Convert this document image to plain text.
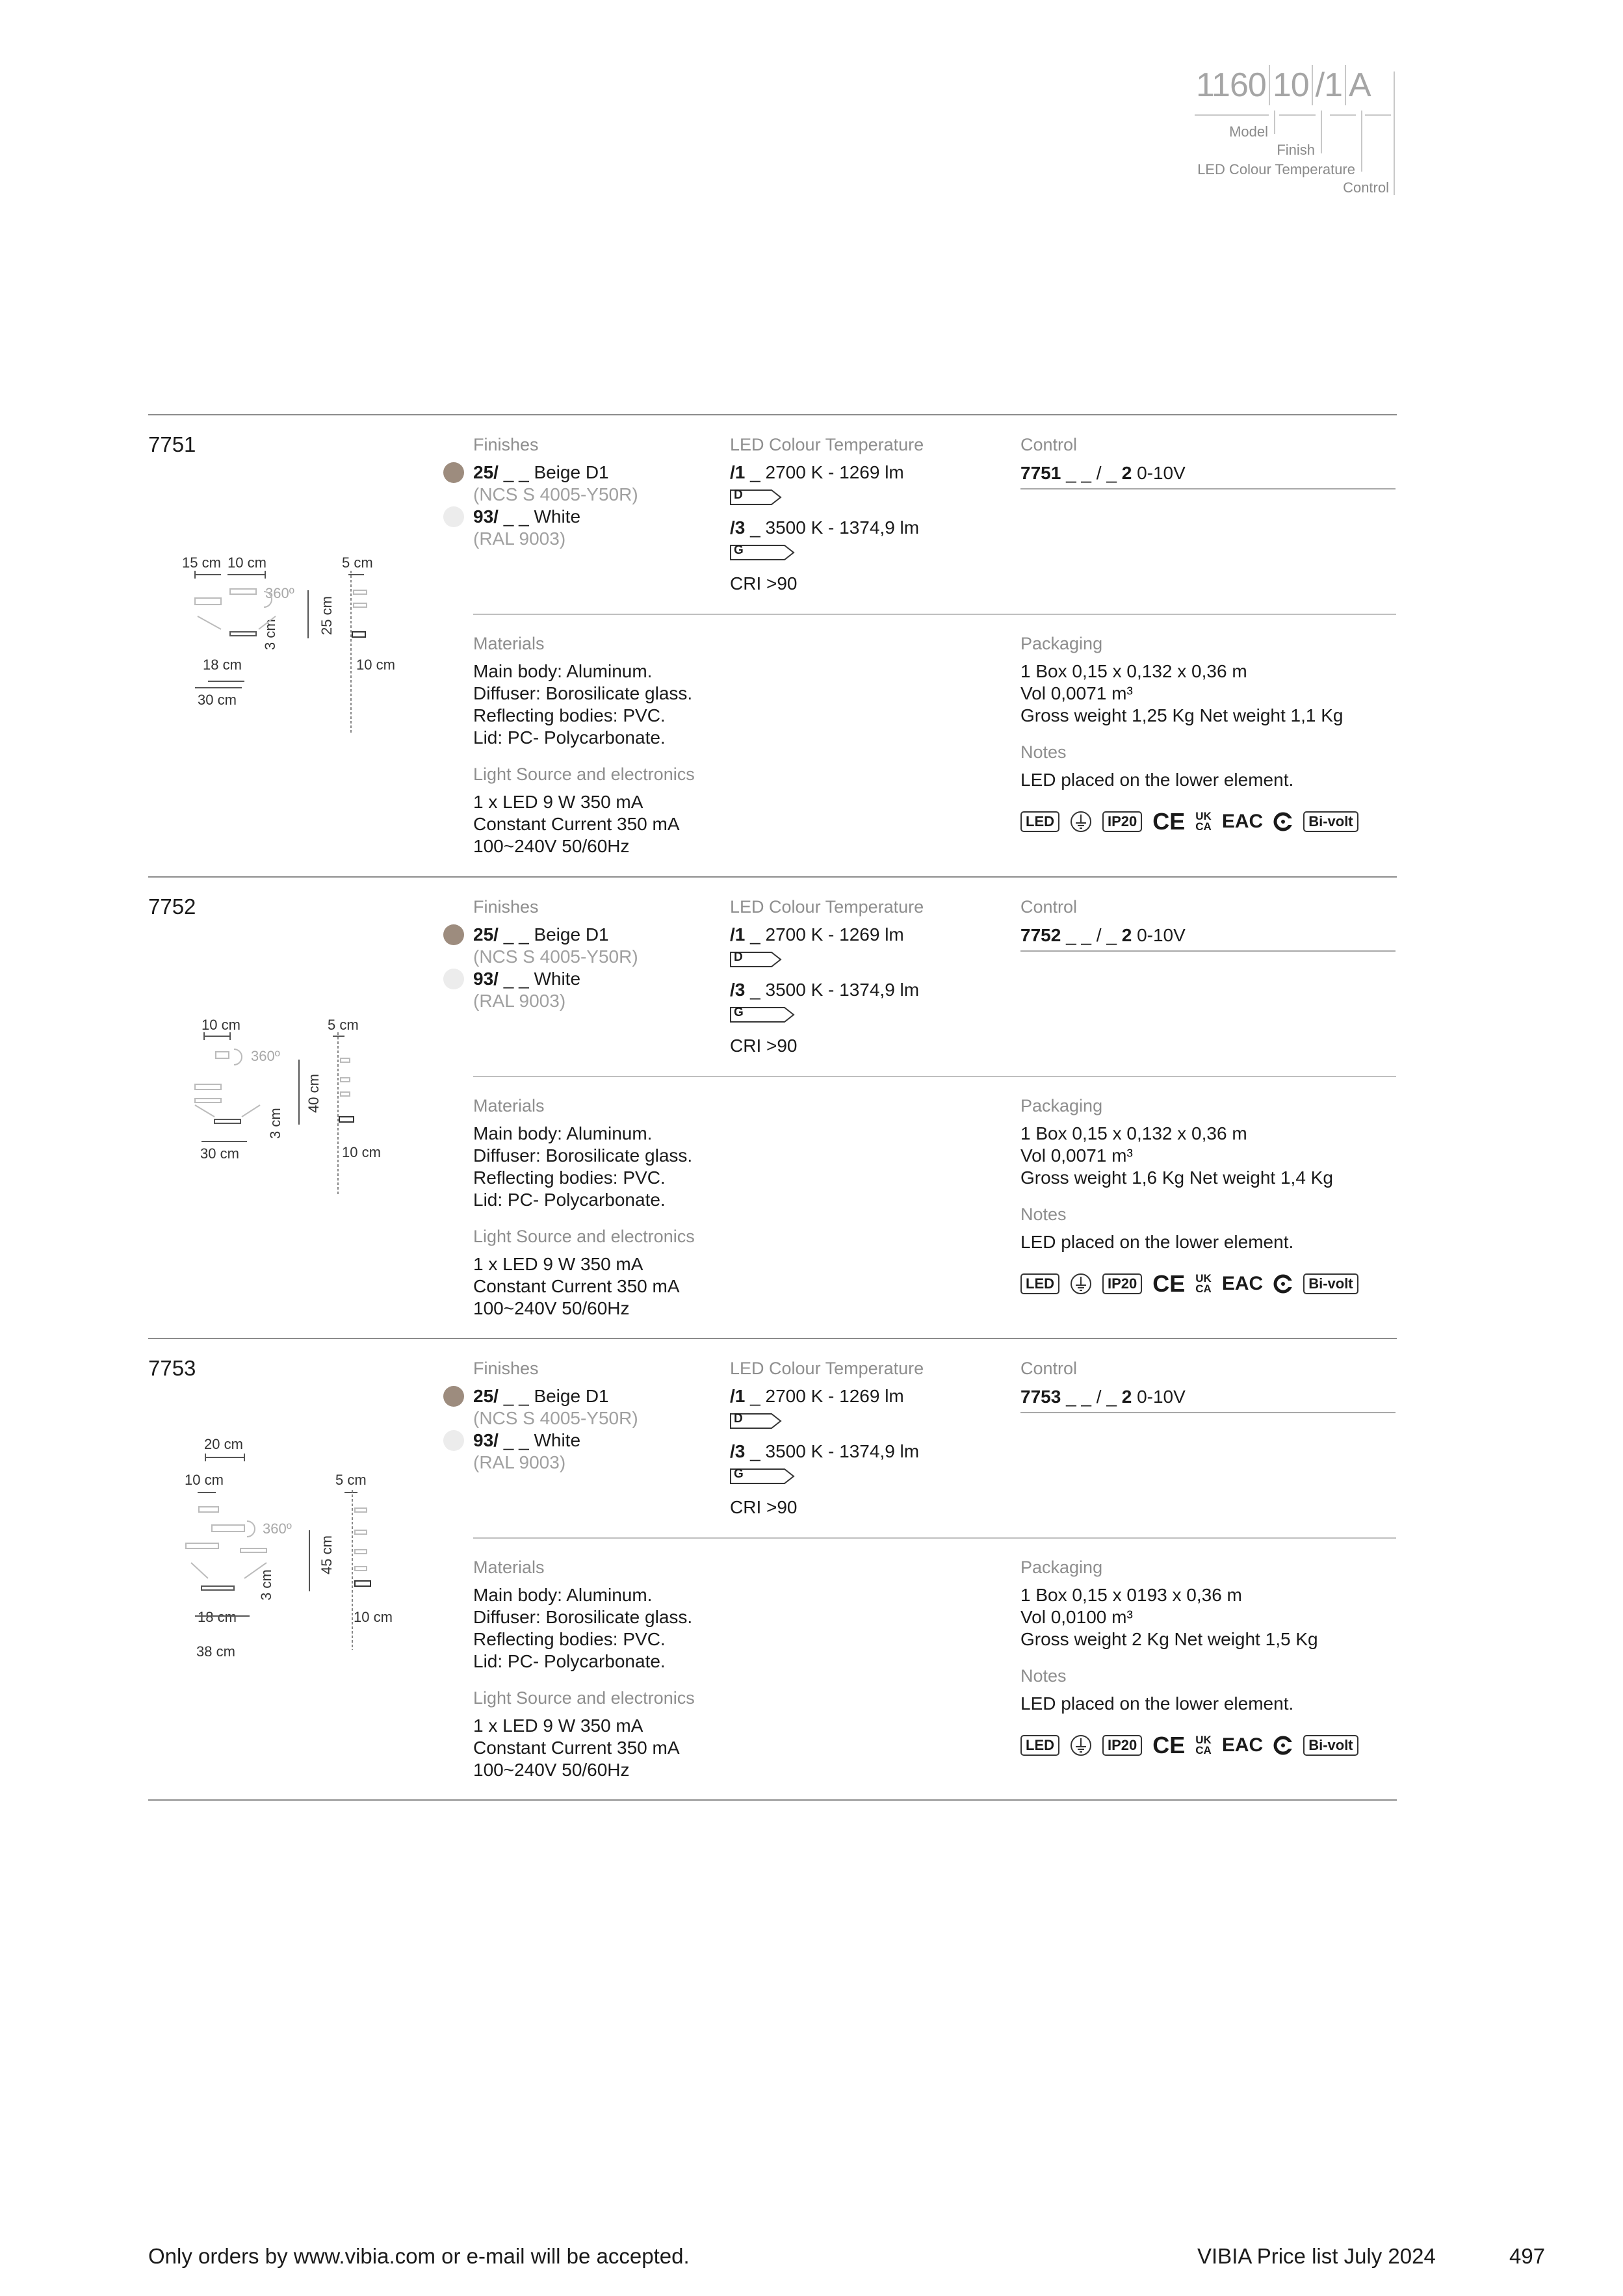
1160 10 /1 A
Model
Finish
LED Colour Temperature
Control
7751
15 cm 10 cm	5 cm
360º
3 cm	25 cm
18 cm	10 cm
30 cm
Finishes
25/ _ _ Beige D1
(NCS S 4005-Y50R)
93/ _ _ White
(RAL 9003)
LED Colour Temperature
/1 _ 2700 K - 1269 lm
D
/3 _ 3500 K - 1374,9 lm
G
CRI >90
Control
7751 _ _ / _ 2 0-10V
Materials
Main body: Aluminum.
Diffuser: Borosilicate glass.
Reflecting bodies: PVC.
Lid: PC- Polycarbonate.
Light Source and electronics
1 x LED 9 W 350 mA
Constant Current 350 mA
100~240V 50/60Hz
Packaging
1 Box 0,15 x 0,132 x 0,36 m
Vol 0,0071 m³
Gross weight 1,25 Kg Net weight 1,1 Kg
Notes
LED placed on the lower element.
LED	IP20 CE UK
CA EAC	Bi-volt
7752
10 cm	5 cm
360º
3 cm
40 cm
10 cm
30 cm
Finishes
25/ _ _ Beige D1
(NCS S 4005-Y50R)
93/ _ _ White
(RAL 9003)
LED Colour Temperature
/1 _ 2700 K - 1269 lm
D
/3 _ 3500 K - 1374,9 lm
G
CRI >90
Control
7752 _ _ / _ 2 0-10V
Materials
Main body: Aluminum.
Diffuser: Borosilicate glass.
Reflecting bodies: PVC.
Lid: PC- Polycarbonate.
Light Source and electronics
1 x LED 9 W 350 mA
Constant Current 350 mA
100~240V 50/60Hz
Packaging
1 Box 0,15 x 0,132 x 0,36 m
Vol 0,0071 m³
Gross weight 1,6 Kg Net weight 1,4 Kg
Notes
LED placed on the lower element.
LED	IP20 CE UK
CA EAC	Bi-volt
7753
20 cm
10 cm	5 cm
360º
3 cm
45 cm
18 cm	10 cm
38 cm
Finishes
25/ _ _ Beige D1
(NCS S 4005-Y50R)
93/ _ _ White
(RAL 9003)
LED Colour Temperature
/1 _ 2700 K - 1269 lm
D
/3 _ 3500 K - 1374,9 lm
G
CRI >90
Control
7753 _ _ / _ 2 0-10V
Materials
Main body: Aluminum.
Diffuser: Borosilicate glass.
Reflecting bodies: PVC.
Lid: PC- Polycarbonate.
Light Source and electronics
1 x LED 9 W 350 mA
Constant Current 350 mA
100~240V 50/60Hz
Packaging
1 Box 0,15 x 0193 x 0,36 m
Vol 0,0100 m³
Gross weight 2 Kg Net weight 1,5 Kg
Notes
LED placed on the lower element.
LED	IP20 CE UK
CA EAC	Bi-volt
Only orders by www.vibia.com or e-mail will be accepted.	VIBIA Price list July 2024	497
